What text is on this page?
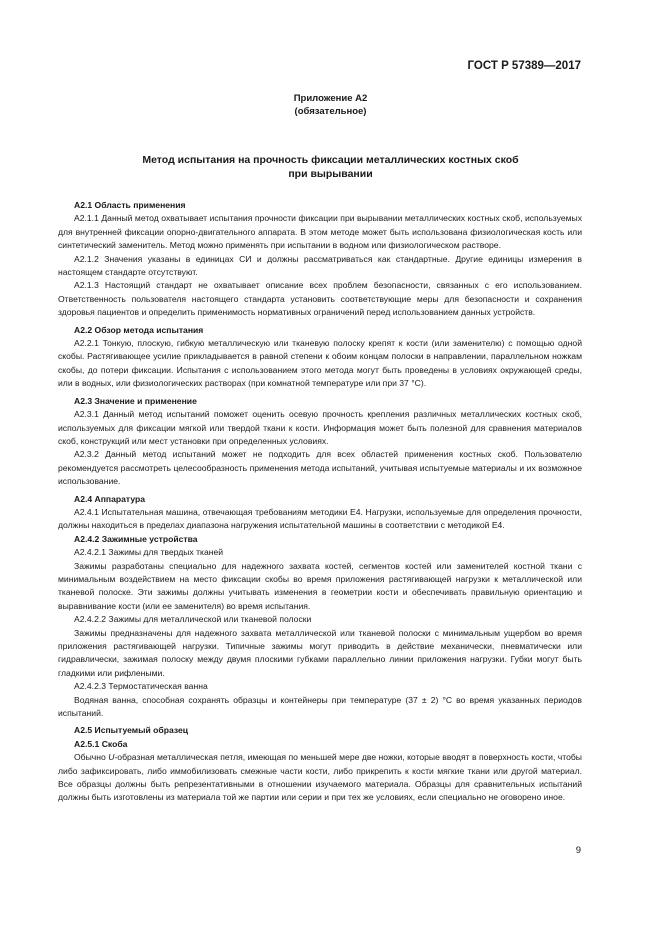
ГОСТ Р 57389—2017
Приложение А2
(обязательное)
Метод испытания на прочность фиксации металлических костных скоб
при вырывании
А2.1 Область применения

А2.1.1 Данный метод охватывает испытания прочности фиксации при вырывании металлических костных скоб, используемых для внутренней фиксации опорно-двигательного аппарата. В этом методе может быть использована физиологическая кость или синтетический заменитель. Метод можно применять при испытании в водном или физиологическом растворе.

А2.1.2 Значения указаны в единицах СИ и должны рассматриваться как стандартные. Другие единицы измерения в настоящем стандарте отсутствуют.

А2.1.3 Настоящий стандарт не охватывает описание всех проблем безопасности, связанных с его использованием. Ответственность пользователя настоящего стандарта установить соответствующие меры для безопасности и сохранения здоровья пациентов и определить применимость нормативных ограничений перед использованием данных устройств.

А2.2 Обзор метода испытания

А2.2.1 Тонкую, плоскую, гибкую металлическую или тканевую полоску крепят к кости (или заменителю) с помощью одной скобы. Растягивающее усилие прикладывается в равной степени к обоим концам полоски в направлении, параллельном ножкам скобы, до потери фиксации. Испытания с использованием этого метода могут быть проведены в условиях окружающей среды, или в водных, или физиологических растворах (при комнатной температуре или при 37 °С).

А2.3 Значение и применение

А2.3.1 Данный метод испытаний поможет оценить осевую прочность крепления различных металлических костных скоб, используемых для фиксации мягкой или твердой ткани к кости. Информация может быть полезной для сравнения материалов скоб, конструкций или мест установки при определенных условиях.

А2.3.2 Данный метод испытаний может не подходить для всех областей применения костных скоб. Пользователю рекомендуется рассмотреть целесообразность применения метода испытаний, учитывая испытуемые материалы и их возможное использование.

А2.4 Аппаратура

А2.4.1 Испытательная машина, отвечающая требованиям методики Е4. Нагрузки, используемые для определения прочности, должны находиться в пределах диапазона нагружения испытательной машины в соответствии с методикой Е4.

А2.4.2 Зажимные устройства
А2.4.2.1 Зажимы для твердых тканей

Зажимы разработаны специально для надежного захвата костей, сегментов костей или заменителей костной ткани с минимальным воздействием на место фиксации скобы во время приложения растягивающей нагрузки к металлической или тканевой полоске. Эти зажимы должны учитывать изменения в геометрии кости и обеспечивать правильную ориентацию и выравнивание кости (или ее заменителя) во время испытания.

А2.4.2.2 Зажимы для металлической или тканевой полоски

Зажимы предназначены для надежного захвата металлической или тканевой полоски с минимальным ущербом во время приложения растягивающей нагрузки. Типичные зажимы могут приводить в действие механически, пневматически или гидравлически, зажимая полоску между двумя плоскими губками параллельно линии приложения нагрузки. Губки могут быть гладкими или рифлеными.

А2.4.2.3 Термостатическая ванна

Водяная ванна, способная сохранять образцы и контейнеры при температуре (37 ± 2) °С во время указанных периодов испытаний.

А2.5 Испытуемый образец
А2.5.1 Скоба

Обычно U-образная металлическая петля, имеющая по меньшей мере две ножки, которые вводят в поверхность кости, чтобы либо зафиксировать, либо иммобилизовать смежные части кости, либо прикрепить к кости мягкие ткани или другой материал. Все образцы должны быть репрезентативными в отношении изучаемого материала. Образцы для сравнительных испытаний должны быть изготовлены из материала той же партии или серии и при тех же условиях, если специально не оговорено иное.

9
